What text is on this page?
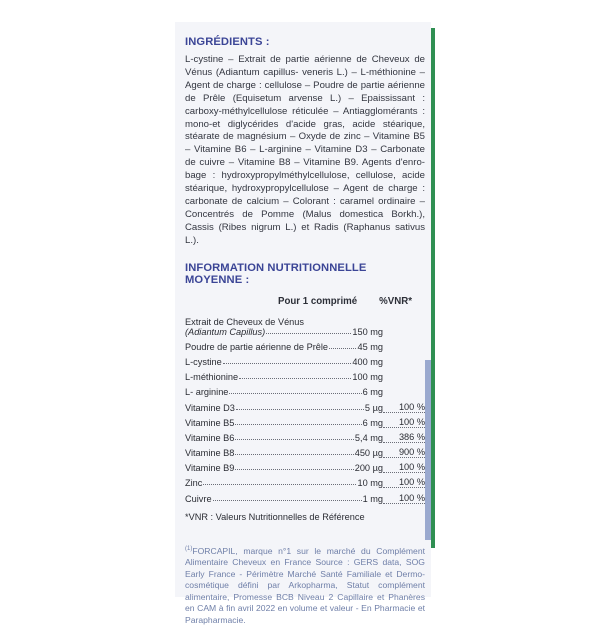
INGRÉDIENTS :

L-cystine – Extrait de partie aérienne de Cheveux de Vénus (Adiantum capillus- veneris L.) – L-méthionine – Agent de charge : cellulose – Poudre de partie aérienne de Prêle (Equisetum arvense L.) – Epaississant : carboxy-méthylcellulose réticulée – Antiagglomérants : mono-et diglycérides d'acide gras, acide stéarique, stéarate de magnésium – Oxyde de zinc – Vitamine B5 – Vitamine B6 – L-arginine – Vitamine D3 – Carbonate de cuivre – Vitamine B8 – Vitamine B9. Agents d'enro-bage : hydroxypropylméthylcellulose, cellulose, acide stéarique, hydroxypropylcellulose – Agent de charge : carbonate de calcium – Colorant : caramel ordinaire – Concentrés de Pomme (Malus domestica Borkh.), Cassis (Ribes nigrum L.) et Radis (Raphanus sativus L.).

INFORMATION NUTRITIONNELLE MOYENNE :
Pour 1 comprimé %VNR*
Extrait de Cheveux de Vénus
(Adiantum Capillus)	150 mg
Poudre de partie aérienne de Prêle	45 mg
L-cystine	400 mg
L-méthionine	100 mg
L- arginine	6 mg
Vitamine D3	5 µg	100 %
Vitamine B5	6 mg	100 %
Vitamine B6	5,4 mg	386 %
Vitamine B8	450 µg	900 %
Vitamine B9	200 µg	100 %
Zinc	10 mg	100 %
Cuivre	1 mg	100 %
*VNR : Valeurs Nutritionnelles de Référence
$^{(1)}$FORCAPIL, marque n°1 sur le marché du Complément Alimentaire Cheveux en France Source : GERS data, SOG Early France - Périmètre Marché Santé Familiale et Dermo-cosmétique défini par Arkopharma, Statut complément alimentaire, Promesse BCB Niveau 2 Capillaire et Phanères en CAM à fin avril 2022 en volume et valeur - En Pharmacie et Parapharmacie.
